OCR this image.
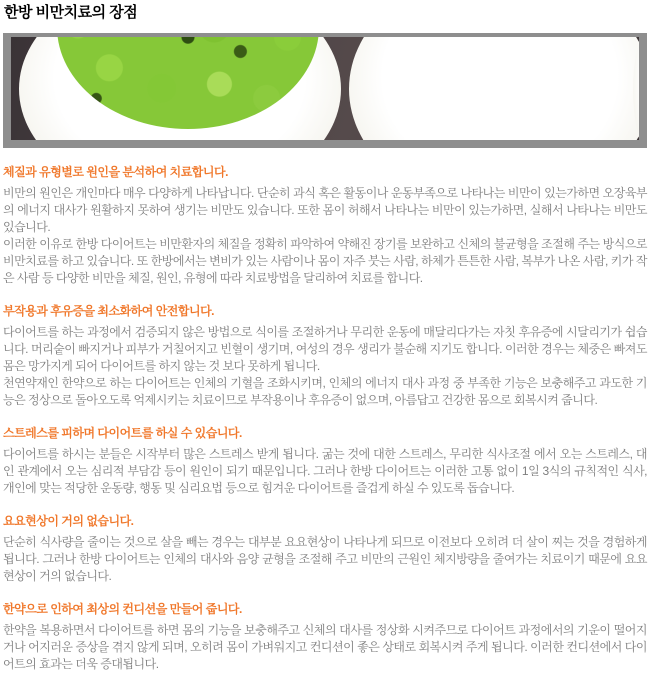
한방 비만치료의 장점
체질과 유형별로 원인을 분석하여 치료합니다.

비만의 원인은 개인마다 매우 다양하게 나타납니다. 단순히 과식 혹은 활동이나 운동부족으로 나타나는 비만이 있는가하면 오장육부의 에너지 대사가 원활하지 못하여 생기는 비만도 있습니다. 또한 몸이 허해서 나타나는 비만이 있는가하면, 실해서 나타나는 비만도 있습니다.

이러한 이유로 한방 다이어트는 비만환자의 체질을 정확히 파악하여 약해진 장기를 보완하고 신체의 불균형을 조절해 주는 방식으로 비만치료를 하고 있습니다. 또 한방에서는 변비가 있는 사람이나 몸이 자주 붓는 사람, 하체가 튼튼한 사람, 복부가 나온 사람, 키가 작은 사람 등 다양한 비만을 체질, 원인, 유형에 따라 치료방법을 달리하여 치료를 합니다.

부작용과 후유증을 최소화하여 안전합니다.

다이어트를 하는 과정에서 검증되지 않은 방법으로 식이를 조절하거나 무리한 운동에 매달리다가는 자칫 후유증에 시달리기가 쉽습니다. 머리숱이 빠지거나 피부가 거칠어지고 빈혈이 생기며, 여성의 경우 생리가 불순해 지기도 합니다. 이러한 경우는 체중은 빠져도 몸은 망가지게 되어 다이어트를 하지 않는 것 보다 못하게 됩니다.

천연약재인 한약으로 하는 다이어트는 인체의 기혈을 조화시키며, 인체의 에너지 대사 과정 중 부족한 기능은 보충해주고 과도한 기능은 정상으로 돌아오도록 억제시키는 치료이므로 부작용이나 후유증이 없으며, 아름답고 건강한 몸으로 회복시켜 줍니다.

스트레스를 피하며 다이어트를 하실 수 있습니다.

다이어트를 하시는 분들은 시작부터 많은 스트레스 받게 됩니다. 굶는 것에 대한 스트레스, 무리한 식사조절 에서 오는 스트레스, 대인 관계에서 오는 심리적 부담감 등이 원인이 되기 때문입니다. 그러나 한방 다이어트는 이러한 고통 없이 1일 3식의 규칙적인 식사, 개인에 맞는 적당한 운동량, 행동 및 심리요법 등으로 힘겨운 다이어트를 즐겁게 하실 수 있도록 돕습니다.

요요현상이 거의 없습니다.

단순히 식사량을 줄이는 것으로 살을 빼는 경우는 대부분 요요현상이 나타나게 되므로 이전보다 오히려 더 살이 찌는 것을 경험하게 됩니다. 그러나 한방 다이어트는 인체의 대사와 음양 균형을 조절해 주고 비만의 근원인 체지방량을 줄여가는 치료이기 때문에 요요현상이 거의 없습니다.

한약으로 인하여 최상의 컨디션을 만들어 줍니다.

한약을 복용하면서 다이어트를 하면 몸의 기능을 보충해주고 신체의 대사를 정상화 시켜주므로 다이어트 과정에서의 기운이 떨어지거나 어지러운 증상을 겪지 않게 되며, 오히려 몸이 가벼워지고 컨디션이 좋은 상태로 회복시켜 주게 됩니다. 이러한 컨디션에서 다이어트의 효과는 더욱 증대됩니다.
